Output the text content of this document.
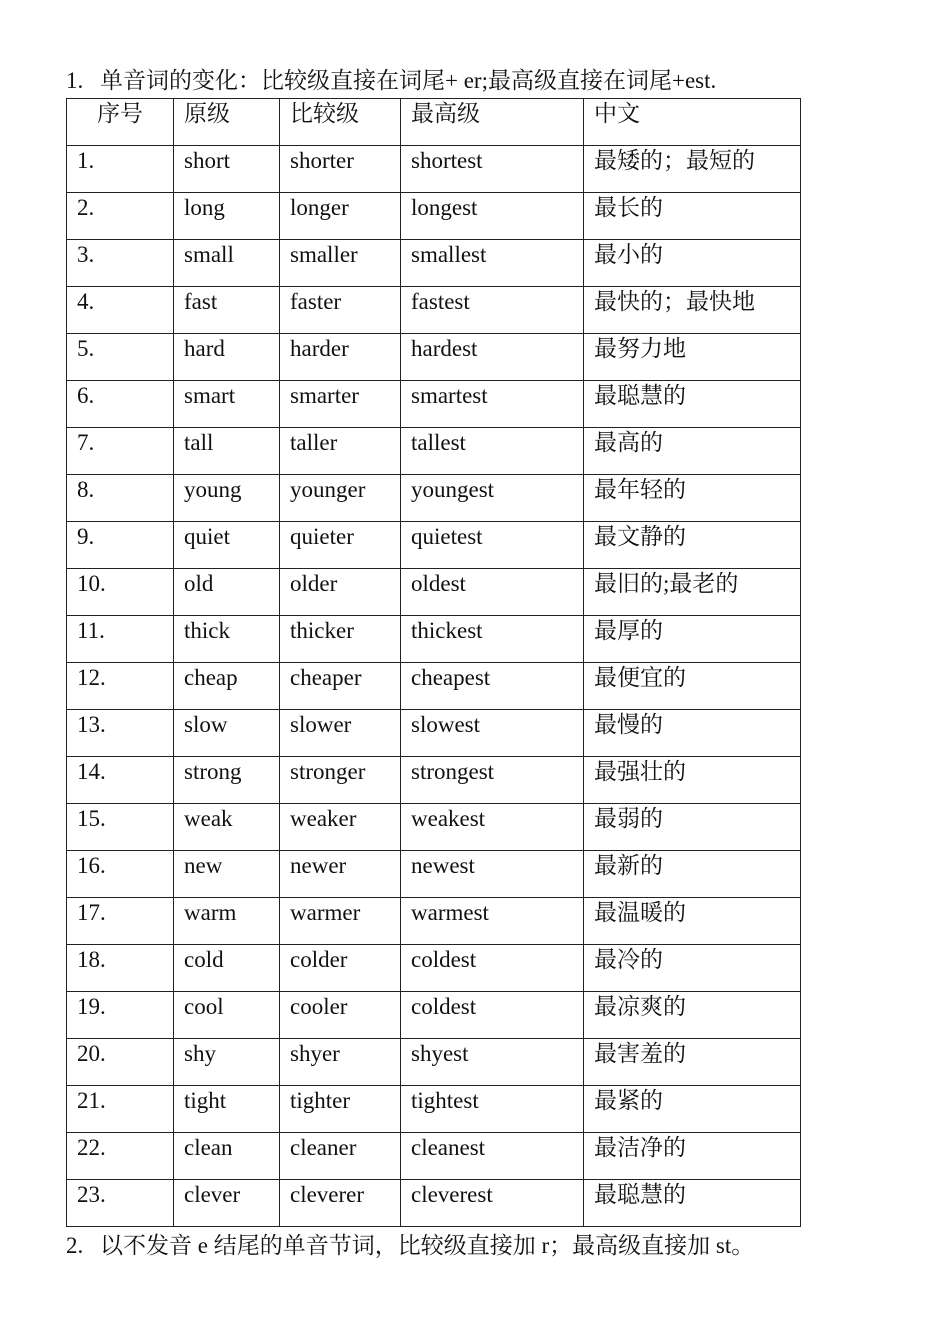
1. 单音词的变化：比较级直接在词尾+ er;最高级直接在词尾+est.

序号	原级	比较级	最高级	中文
1.	short	shorter	shortest	最矮的；最短的
2.	long	longer	longest	最长的
3.	small	smaller	smallest	最小的
4.	fast	faster	fastest	最快的；最快地
5.	hard	harder	hardest	最努力地
6.	smart	smarter	smartest	最聪慧的
7.	tall	taller	tallest	最高的
8.	young	younger	youngest	最年轻的
9.	quiet	quieter	quietest	最文静的
10.	old	older	oldest	最旧的;最老的
11.	thick	thicker	thickest	最厚的
12.	cheap	cheaper	cheapest	最便宜的
13.	slow	slower	slowest	最慢的
14.	strong	stronger	strongest	最强壮的
15.	weak	weaker	weakest	最弱的
16.	new	newer	newest	最新的
17.	warm	warmer	warmest	最温暖的
18.	cold	colder	coldest	最冷的
19.	cool	cooler	coldest	最凉爽的
20.	shy	shyer	shyest	最害羞的
21.	tight	tighter	tightest	最紧的
22.	clean	cleaner	cleanest	最洁净的
23.	clever	cleverer	cleverest	最聪慧的

2. 以不发音 e 结尾的单音节词，比较级直接加 r；最高级直接加 st。
